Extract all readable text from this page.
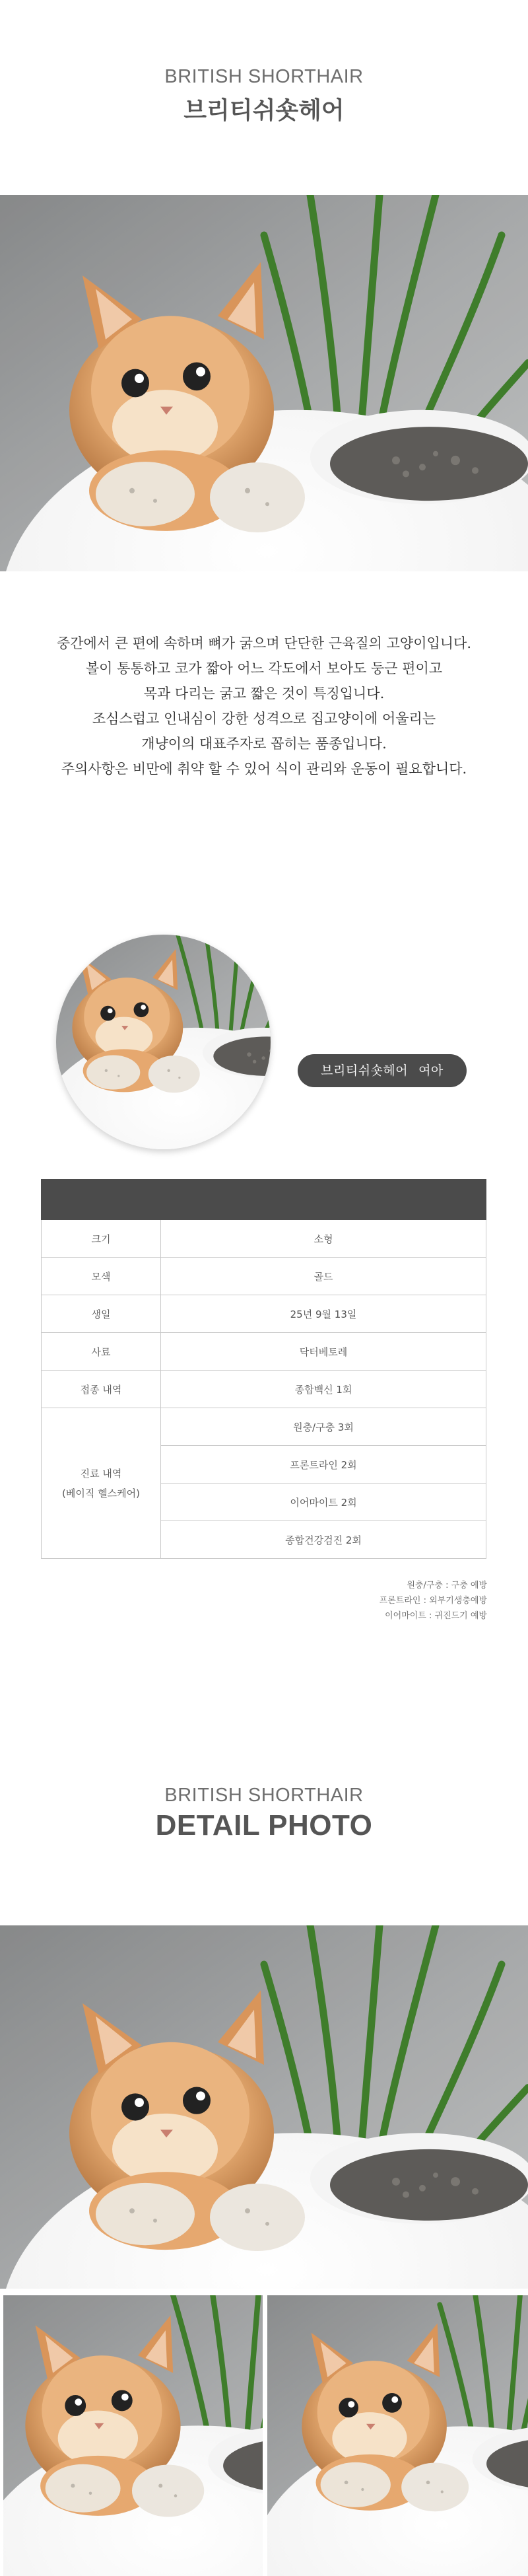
BRITISH SHORTHAIR
브리티쉬숏헤어

중간에서 큰 편에 속하며 뼈가 굵으며 단단한 근육질의 고양이입니다.

볼이 통통하고 코가 짧아 어느 각도에서 보아도 둥근 편이고

목과 다리는 굵고 짧은 것이 특징입니다.

조심스럽고 인내심이 강한 성격으로 집고양이에 어울리는

개냥이의 대표주자로 꼽히는 품종입니다.

주의사항은 비만에 취약 할 수 있어 식이 관리와 운동이 필요합니다.

브리티쉬숏헤어 여아

크기	소형
모색	골드
생일	25년 9월 13일
사료	닥터베토레
접종 내역	종합백신 1회

진료 내역
(베이직 헬스케어)	원충/구충 3회
	프론트라인 2회
	이어마이트 2회
	종합건강검진 2회
원충/구충 : 구충 예방
프론트라인 : 외부기생충예방
이어마이트 : 귀진드기 예방
BRITISH SHORTHAIR
DETAIL PHOTO
